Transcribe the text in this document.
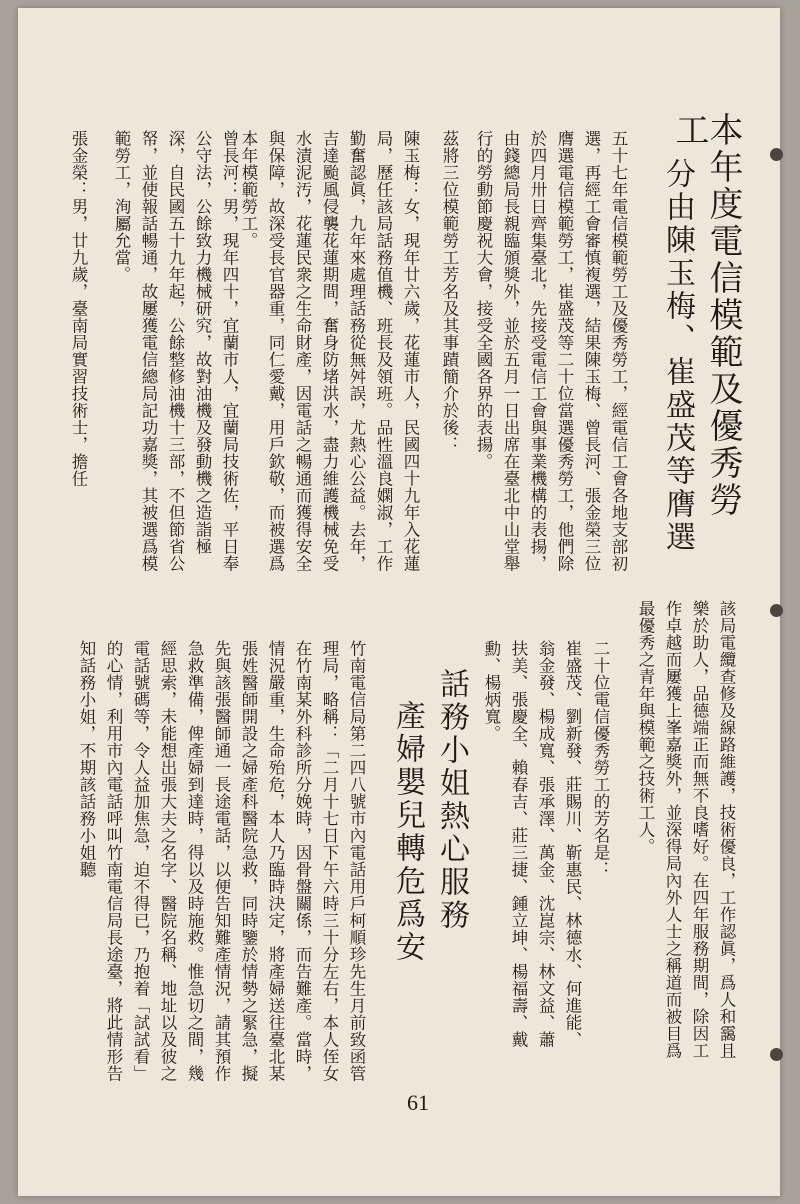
本年度電信模範及優秀勞工
分由陳玉梅、崔盛茂等膺選
五十七年電信模範勞工及優秀勞工，經電信工會各地支部初選，再經工會審慎複選，結果陳玉梅、曾長河、張金榮三位膺選電信模範勞工，崔盛茂等二十位當選優秀勞工，他們除於四月卅日齊集臺北，先接受電信工會與事業機構的表揚，由錢總局長親臨頒獎外，並於五月一日出席在臺北中山堂舉行的勞動節慶祝大會，接受全國各界的表揚。
茲將三位模範勞工芳名及其事蹟簡介於後：
陳玉梅：女，現年廿六歲，花蓮市人，民國四十九年入花蓮局，歷任該局話務值機、班長及領班。品性溫良嫻淑，工作勤奮認眞，九年來處理話務從無舛誤，尤熱心公益。去年，吉達颱風侵襲花蓮期間，奮身防堵洪水，盡力維護機械免受水漬泥汚，花蓮民衆之生命財產，因電話之暢通而獲得安全與保障，故深受長官器重，同仁愛戴，用戶欽敬，而被選爲本年模範勞工。
曾長河：男，現年四十，宜蘭市人，宜蘭局技術佐，平日奉公守法，公餘致力機械研究，故對油機及發動機之造詣極深，自民國五十九年起，公餘整修油機十三部，不但節省公帑，並使報話暢通，故屢獲電信總局記功嘉獎，其被選爲模範勞工，洵屬允當。
張金榮：男，廿九歲，臺南局實習技術士，擔任
該局電纜查修及線路維護，技術優良，工作認眞，爲人和靄且樂於助人，品德端正而無不良嗜好。在四年服務期間，除因工作卓越而屢獲上峯嘉獎外，並深得局內外人士之稱道而被目爲最優秀之青年與模範之技術工人。
二十位電信優秀勞工的芳名是：
崔盛茂、劉新發、莊賜川、靳惠民、林德水、何進能、翁金發、楊成寬、張承澤、萬金、沈崑宗、林文益、蕭扶美、張慶全、賴春吉、莊三捷、鍾立坤、楊福壽、戴勳、楊炳寬。
話務小姐熱心服務
產婦嬰兒轉危爲安
竹南電信局第二四八號市內電話用戶柯順珍先生月前致函管理局，略稱：「二月十七日下午六時三十分左右，本人侄女在竹南某外科診所分娩時，因骨盤關係，而告難產。當時，情況嚴重，生命殆危，本人乃臨時決定，將產婦送往臺北某張姓醫師開設之婦產科醫院急救，同時鑒於情勢之緊急，擬先與該張醫師通一長途電話，以便告知難產情況，請其預作急救準備，俾產婦到達時，得以及時施救。惟急切之間，幾經思索，未能想出張大夫之名字、醫院名稱、地址以及彼之電話號碼等，令人益加焦急，迫不得已，乃抱着「試試看」的心情，利用市內電話呼叫竹南電信局長途臺，將此情形告知話務小姐，不期該話務小姐聽
61
